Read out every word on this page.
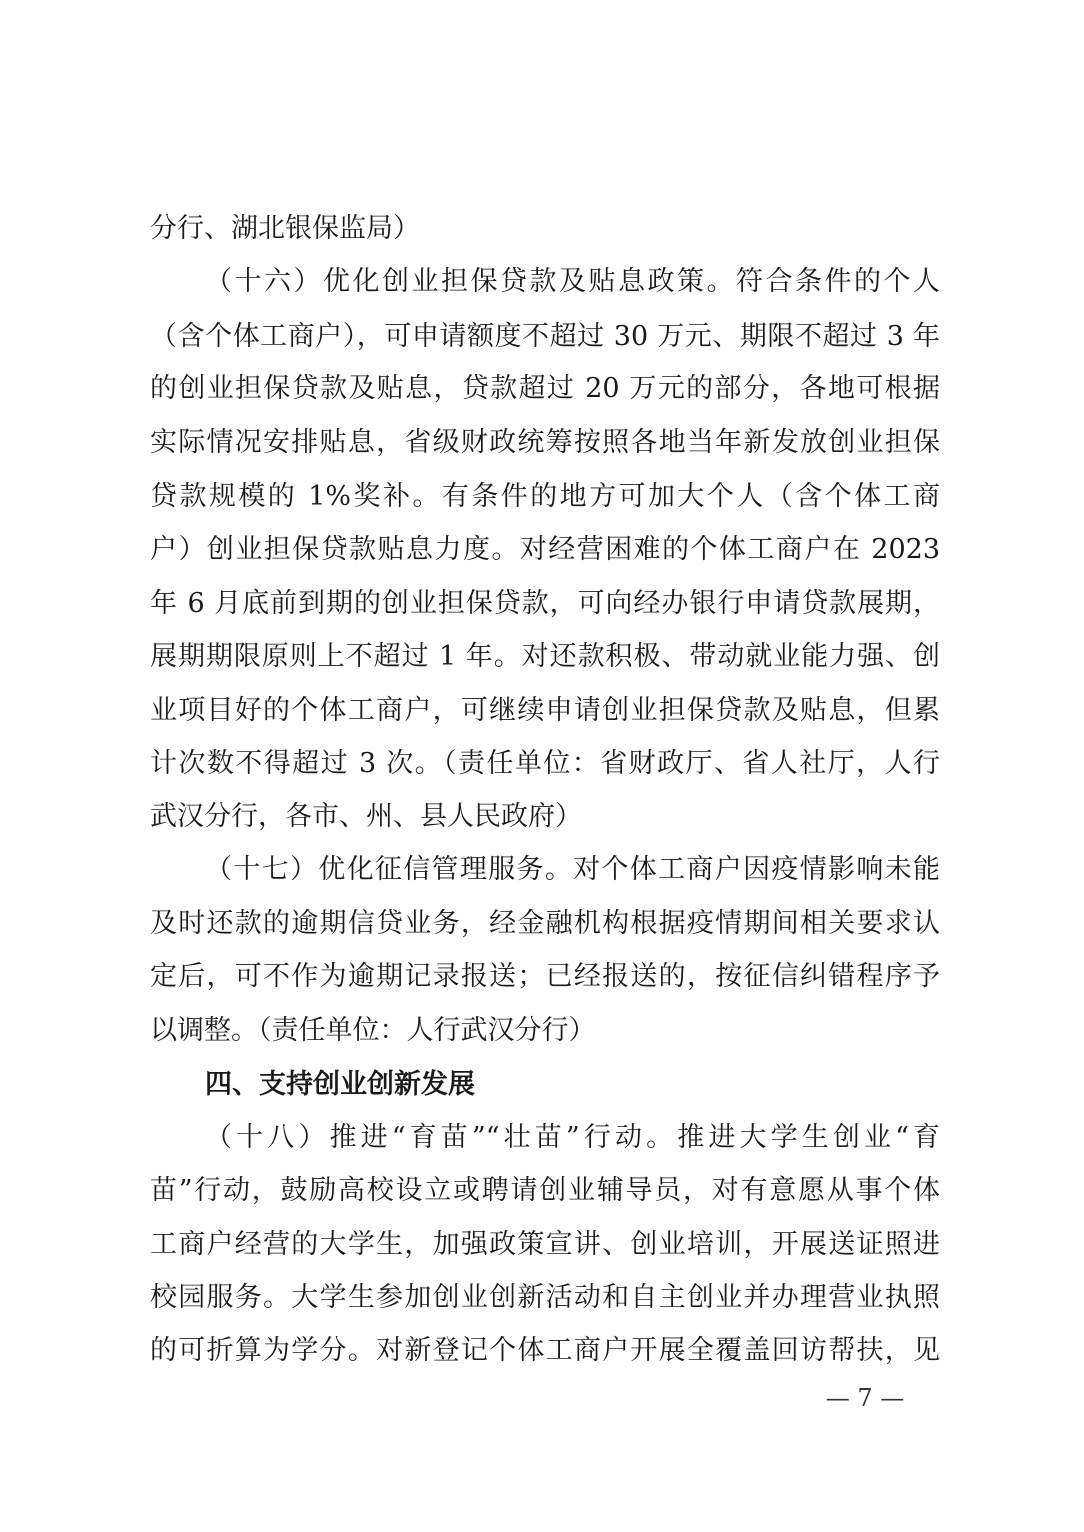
分行、湖北银保监局）
（十六）优化创业担保贷款及贴息政策。符合条件的个人
（含个体工商户），可申请额度不超过 30 万元、期限不超过 3 年
的创业担保贷款及贴息，贷款超过 20 万元的部分，各地可根据
实际情况安排贴息，省级财政统筹按照各地当年新发放创业担保
贷款规模的 1%奖补。有条件的地方可加大个人（含个体工商
户）创业担保贷款贴息力度。对经营困难的个体工商户在 2023
年 6 月底前到期的创业担保贷款，可向经办银行申请贷款展期，
展期期限原则上不超过 1 年。对还款积极、带动就业能力强、创
业项目好的个体工商户，可继续申请创业担保贷款及贴息，但累
计次数不得超过 3 次。（责任单位：省财政厅、省人社厅，人行
武汉分行，各市、州、县人民政府）
（十七）优化征信管理服务。对个体工商户因疫情影响未能
及时还款的逾期信贷业务，经金融机构根据疫情期间相关要求认
定后，可不作为逾期记录报送；已经报送的，按征信纠错程序予
以调整。（责任单位：人行武汉分行）
四、支持创业创新发展
（十八）推进“育苗”“壮苗”行动。推进大学生创业“育
苗”行动，鼓励高校设立或聘请创业辅导员，对有意愿从事个体
工商户经营的大学生，加强政策宣讲、创业培训，开展送证照进
校园服务。大学生参加创业创新活动和自主创业并办理营业执照
的可折算为学分。对新登记个体工商户开展全覆盖回访帮扶，见
— 7 —
